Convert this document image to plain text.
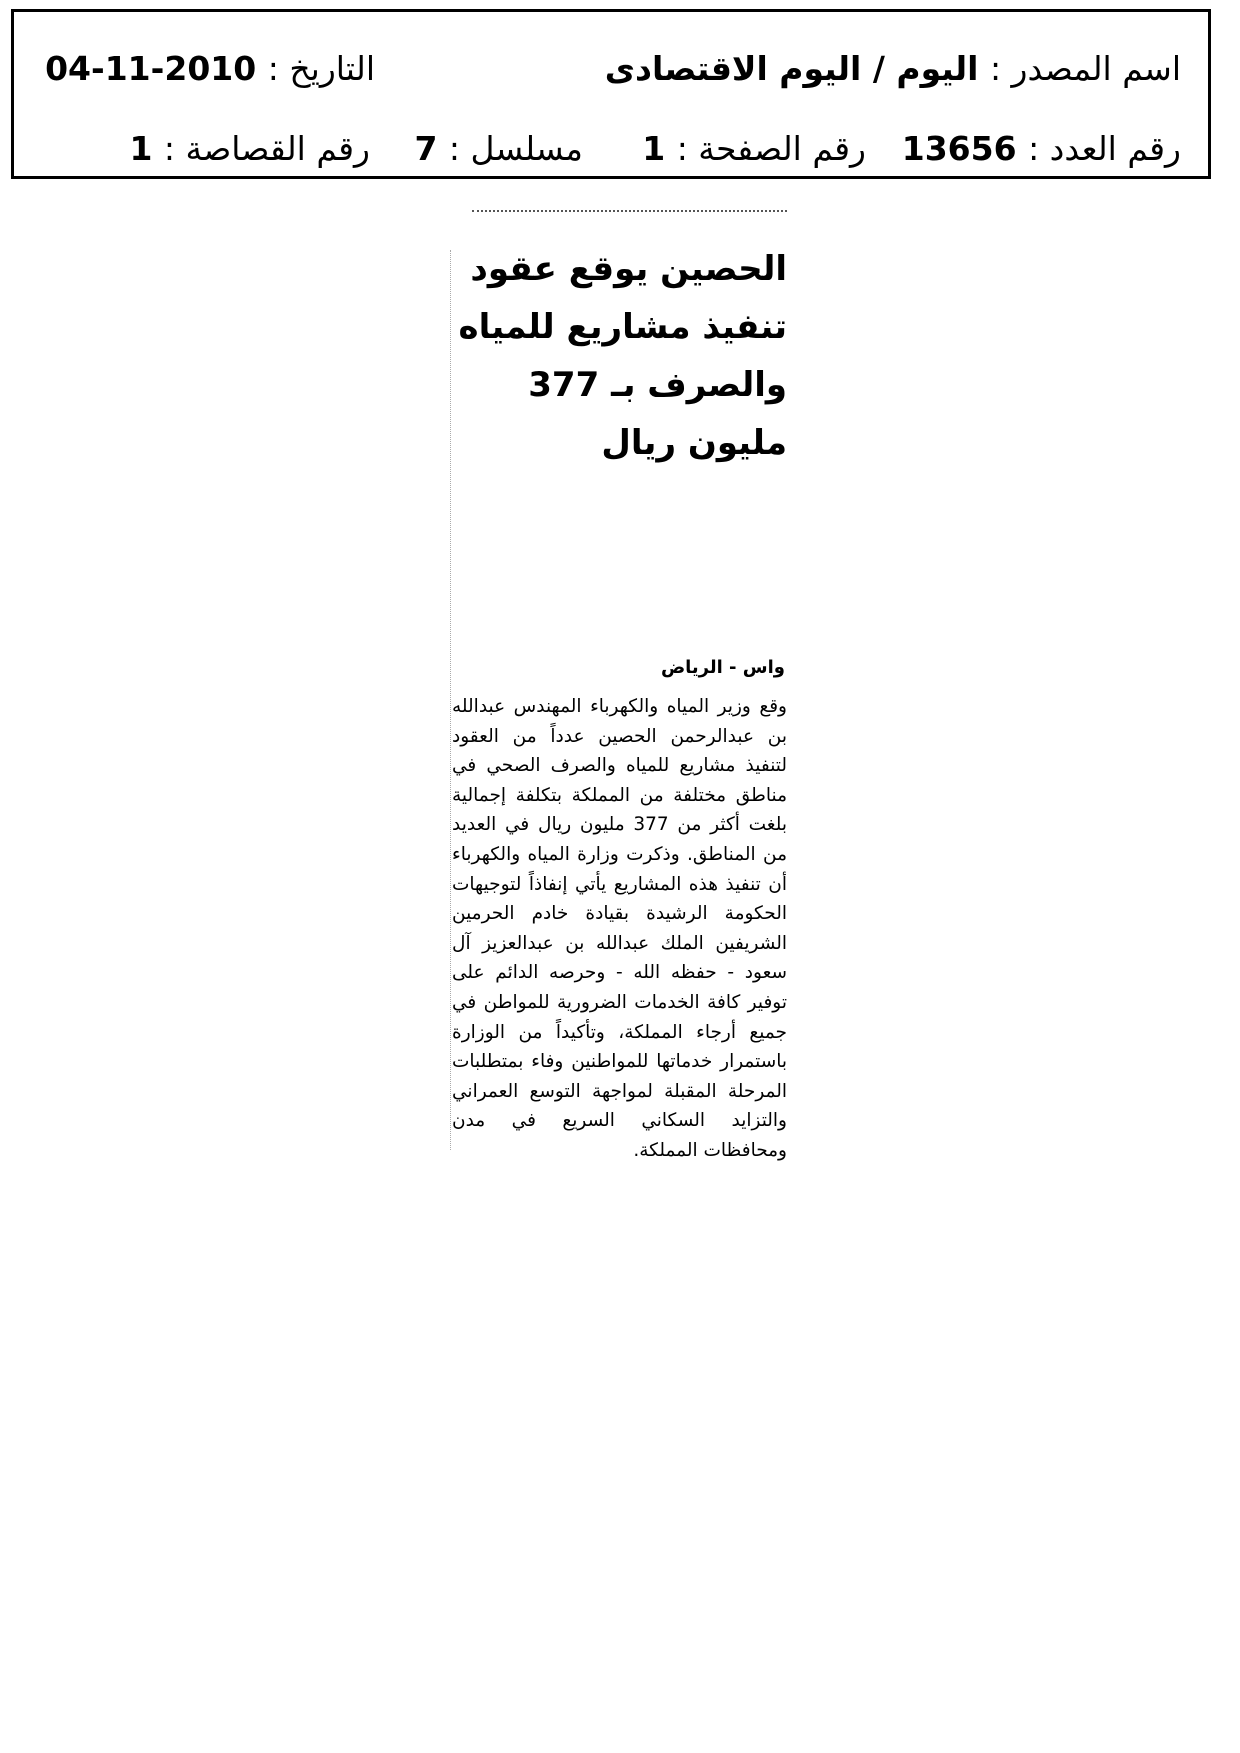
اسم المصدر : اليوم / اليوم الاقتصادى
التاريخ : 2010-11-04
رقم العدد : 13656
رقم الصفحة : 1
مسلسل : 7
رقم القصاصة : 1
الحصين يوقع عقود تنفيذ مشاريع للمياه والصرف بـ 377 مليون ريال
واس - الرياض

وقع وزير المياه والكهرباء المهندس عبدالله بن عبدالرحمن الحصين عدداً من العقود لتنفيذ مشاريع للمياه والصرف الصحي في مناطق مختلفة من المملكة بتكلفة إجمالية بلغت أكثر من 377 مليون ريال في العديد من المناطق. وذكرت وزارة المياه والكهرباء أن تنفيذ هذه المشاريع يأتي إنفاذاً لتوجيهات الحكومة الرشيدة بقيادة خادم الحرمين الشريفين الملك عبدالله بن عبدالعزيز آل سعود - حفظه الله - وحرصه الدائم على توفير كافة الخدمات الضرورية للمواطن في جميع أرجاء المملكة، وتأكيداً من الوزارة باستمرار خدماتها للمواطنين وفاء بمتطلبات المرحلة المقبلة لمواجهة التوسع العمراني والتزايد السكاني السريع في مدن ومحافظات المملكة.
